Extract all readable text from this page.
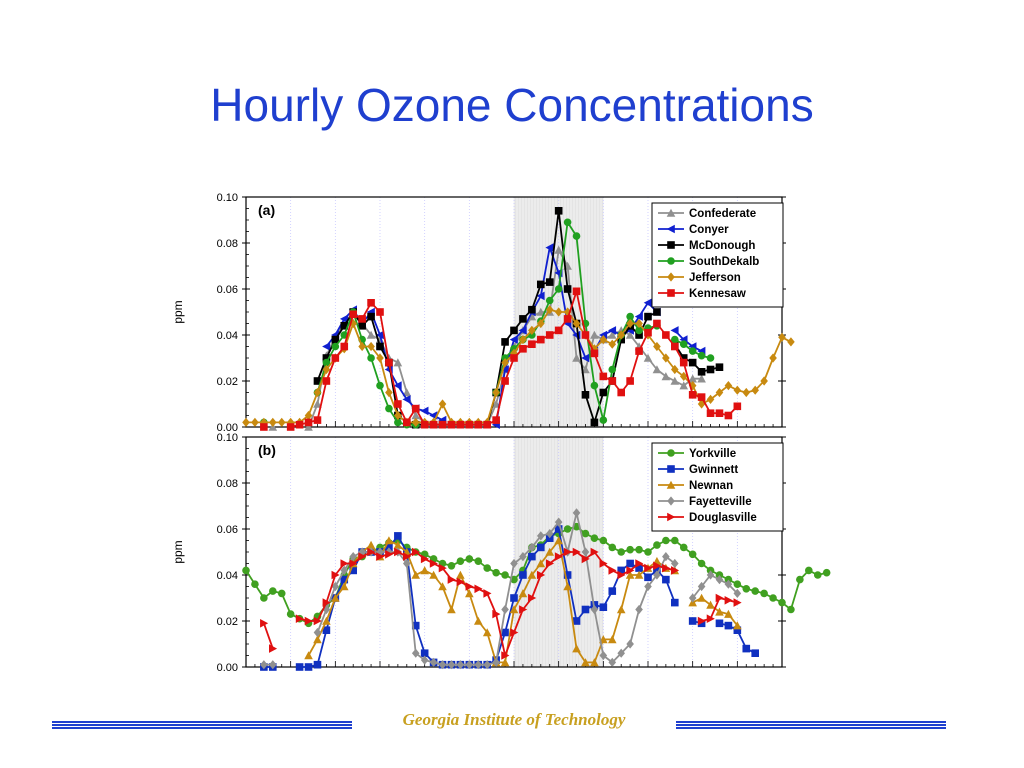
Hourly Ozone Concentrations
0.00
0.02
0.04
0.06
0.08
0.10
ppm
(a)	Confederate
Conyer
McDonough
SouthDekalb
Jefferson
Kennesaw
0.00
0.02
0.04
0.06
0.08
0.10
ppm
(b)	Yorkville
Gwinnett
Newnan
Fayetteville
Douglasville
Georgia Institute of Technology
